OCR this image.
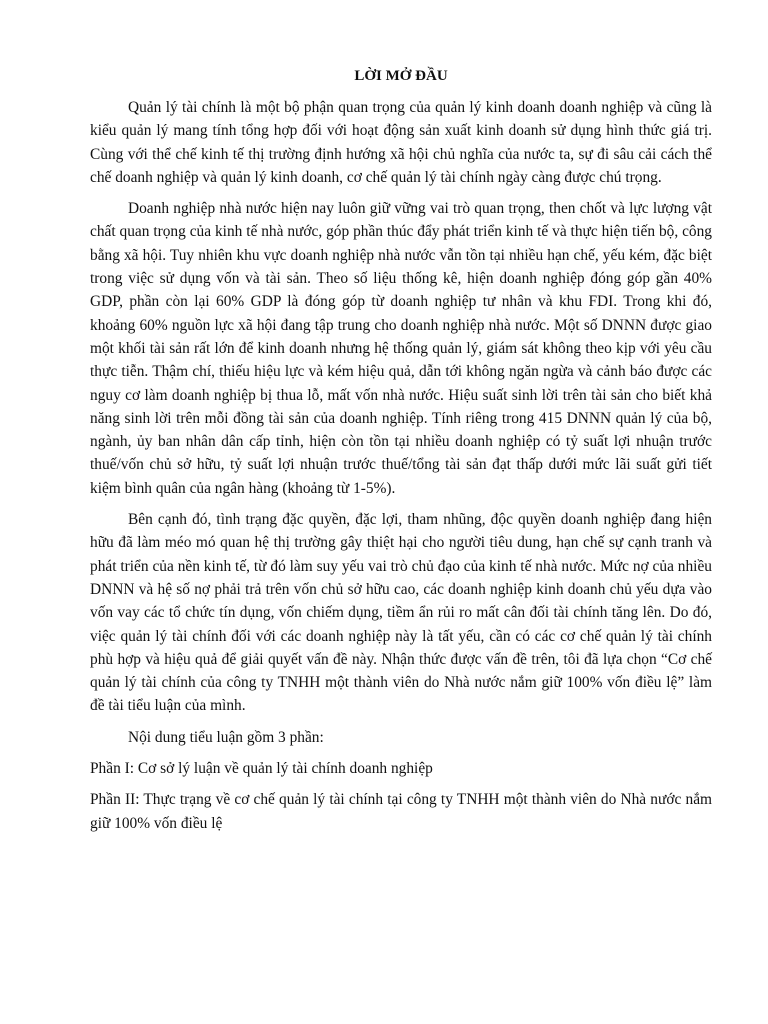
LỜI MỞ ĐẦU

Quản lý tài chính là một bộ phận quan trọng của quản lý kinh doanh doanh nghiệp và cũng là kiểu quản lý mang tính tổng hợp đối với hoạt động sản xuất kinh doanh sử dụng hình thức giá trị. Cùng với thể chế kinh tế thị trường định hướng xã hội chủ nghĩa của nước ta, sự đi sâu cải cách thể chế doanh nghiệp và quản lý kinh doanh, cơ chế quản lý tài chính ngày càng được chú trọng.

Doanh nghiệp nhà nước hiện nay luôn giữ vững vai trò quan trọng, then chốt và lực lượng vật chất quan trọng của kinh tế nhà nước, góp phần thúc đẩy phát triển kinh tế và thực hiện tiến bộ, công bằng xã hội. Tuy nhiên khu vực doanh nghiệp nhà nước vẫn tồn tại nhiều hạn chế, yếu kém, đặc biệt trong việc sử dụng vốn và tài sản. Theo số liệu thống kê, hiện doanh nghiệp đóng góp gần 40% GDP, phần còn lại 60% GDP là đóng góp từ doanh nghiệp tư nhân và khu FDI. Trong khi đó, khoảng 60% nguồn lực xã hội đang tập trung cho doanh nghiệp nhà nước. Một số DNNN được giao một khối tài sản rất lớn để kinh doanh nhưng hệ thống quản lý, giám sát không theo kịp với yêu cầu thực tiễn. Thậm chí, thiếu hiệu lực và kém hiệu quả, dẫn tới không ngăn ngừa và cảnh báo được các nguy cơ làm doanh nghiệp bị thua lỗ, mất vốn nhà nước. Hiệu suất sinh lời trên tài sản cho biết khả năng sinh lời trên mỗi đồng tài sản của doanh nghiệp. Tính riêng trong 415 DNNN quản lý của bộ, ngành, ủy ban nhân dân cấp tỉnh, hiện còn tồn tại nhiều doanh nghiệp có tỷ suất lợi nhuận trước thuế/vốn chủ sở hữu, tỷ suất lợi nhuận trước thuế/tổng tài sản đạt thấp dưới mức lãi suất gửi tiết kiệm bình quân của ngân hàng (khoảng từ 1-5%).

Bên cạnh đó, tình trạng đặc quyền, đặc lợi, tham nhũng, độc quyền doanh nghiệp đang hiện hữu đã làm méo mó quan hệ thị trường gây thiệt hại cho người tiêu dung, hạn chế sự cạnh tranh và phát triển của nền kinh tế, từ đó làm suy yếu vai trò chủ đạo của kinh tế nhà nước. Mức nợ của nhiều DNNN và hệ số nợ phải trả trên vốn chủ sở hữu cao, các doanh nghiệp kinh doanh chủ yếu dựa vào vốn vay các tổ chức tín dụng, vốn chiếm dụng, tiềm ẩn rủi ro mất cân đối tài chính tăng lên. Do đó, việc quản lý tài chính đối với các doanh nghiệp này là tất yếu, cần có các cơ chế quản lý tài chính phù hợp và hiệu quả để giải quyết vấn đề này. Nhận thức được vấn đề trên, tôi đã lựa chọn “Cơ chế quản lý tài chính của công ty TNHH một thành viên do Nhà nước nắm giữ 100% vốn điều lệ” làm đề tài tiểu luận của mình.

Nội dung tiểu luận gồm 3 phần:

Phần I: Cơ sở lý luận về quản lý tài chính doanh nghiệp

Phần II: Thực trạng về cơ chế quản lý tài chính tại công ty TNHH một thành viên do Nhà nước nắm giữ 100% vốn điều lệ
